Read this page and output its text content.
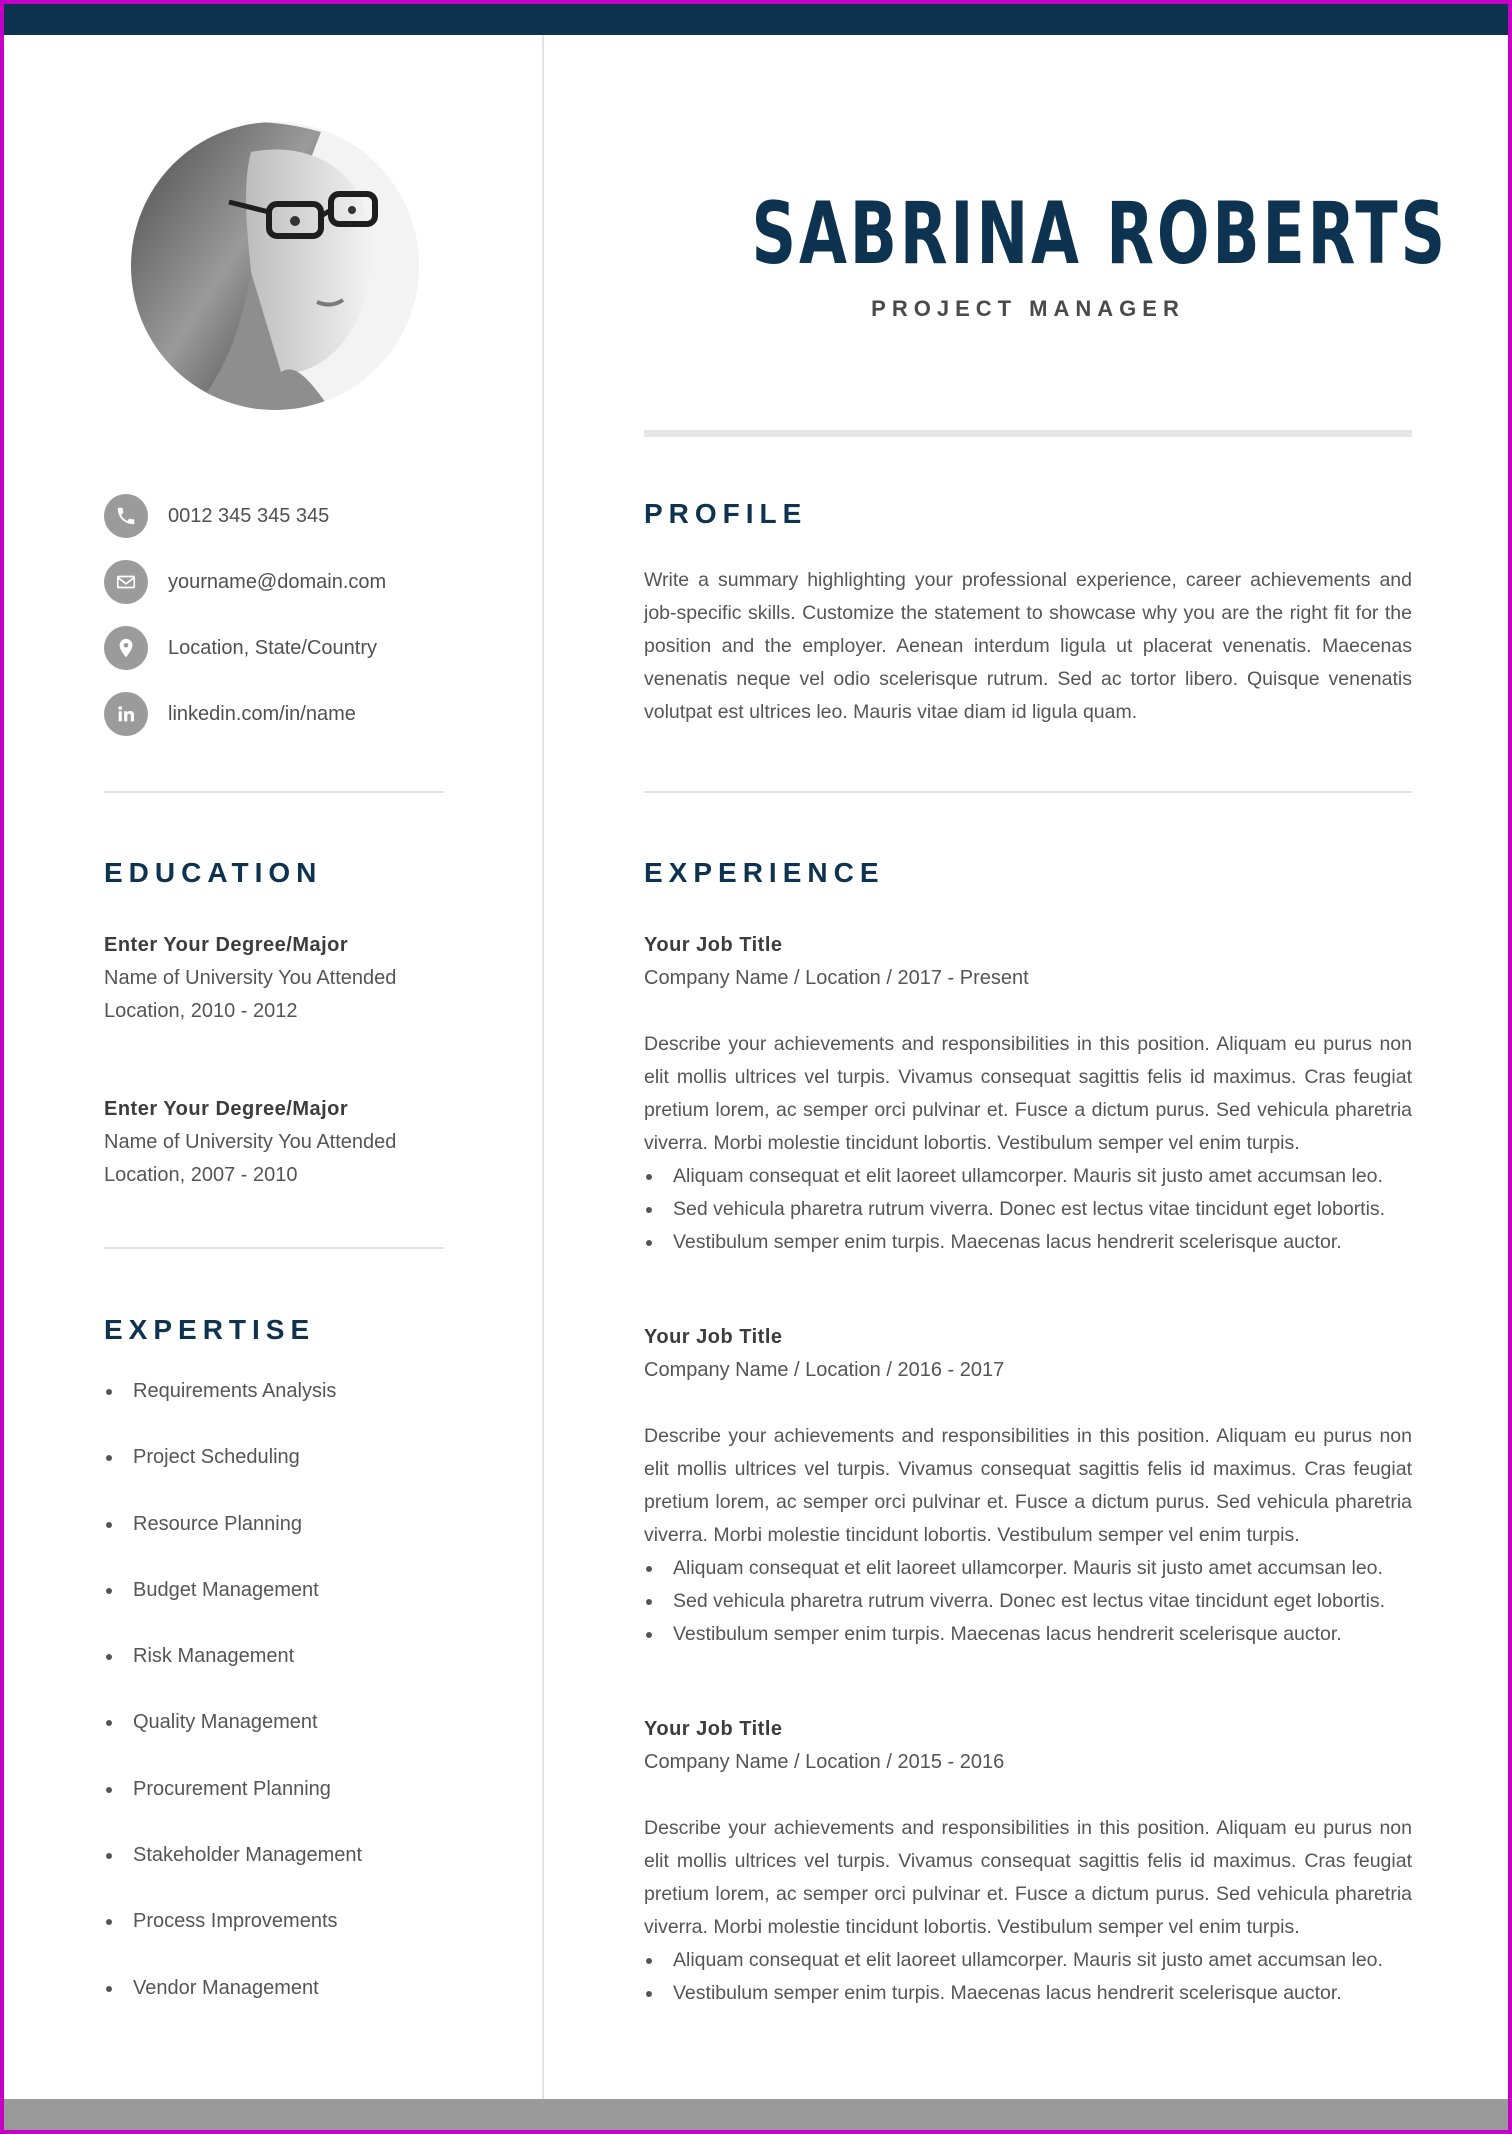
0012 345 345 345
yourname@domain.com
Location, State/Country
linkedin.com/in/name
EDUCATION
Enter Your Degree/Major
Name of University You Attended
Location, 2010 - 2012
Enter Your Degree/Major
Name of University You Attended
Location, 2007 - 2010
EXPERTISE
Requirements Analysis
Project Scheduling
Resource Planning
Budget Management
Risk Management
Quality Management
Procurement Planning
Stakeholder Management
Process Improvements
Vendor Management
SABRINA ROBERTS
PROJECT MANAGER
PROFILE

Write a summary highlighting your professional experience, career achievements and job-specific skills. Customize the statement to showcase why you are the right fit for the position and the employer. Aenean interdum ligula ut placerat venenatis. Maecenas venenatis neque vel odio scelerisque rutrum. Sed ac tortor libero. Quisque venenatis volutpat est ultrices leo. Mauris vitae diam id ligula quam.

EXPERIENCE
Your Job Title
Company Name / Location / 2017 - Present

Describe your achievements and responsibilities in this position. Aliquam eu purus non elit mollis ultrices vel turpis. Vivamus consequat sagittis felis id maximus. Cras feugiat pretium lorem, ac semper orci pulvinar et. Fusce a dictum purus. Sed vehicula pharetria viverra. Morbi molestie tincidunt lobortis. Vestibulum semper vel enim turpis.

Aliquam consequat et elit laoreet ullamcorper. Mauris sit justo amet accumsan leo.
Sed vehicula pharetra rutrum viverra. Donec est lectus vitae tincidunt eget lobortis.
Vestibulum semper enim turpis. Maecenas lacus hendrerit scelerisque auctor.
Your Job Title
Company Name / Location / 2016 - 2017

Describe your achievements and responsibilities in this position. Aliquam eu purus non elit mollis ultrices vel turpis. Vivamus consequat sagittis felis id maximus. Cras feugiat pretium lorem, ac semper orci pulvinar et. Fusce a dictum purus. Sed vehicula pharetria viverra. Morbi molestie tincidunt lobortis. Vestibulum semper vel enim turpis.

Aliquam consequat et elit laoreet ullamcorper. Mauris sit justo amet accumsan leo.
Sed vehicula pharetra rutrum viverra. Donec est lectus vitae tincidunt eget lobortis.
Vestibulum semper enim turpis. Maecenas lacus hendrerit scelerisque auctor.
Your Job Title
Company Name / Location / 2015 - 2016

Describe your achievements and responsibilities in this position. Aliquam eu purus non elit mollis ultrices vel turpis. Vivamus consequat sagittis felis id maximus. Cras feugiat pretium lorem, ac semper orci pulvinar et. Fusce a dictum purus. Sed vehicula pharetria viverra. Morbi molestie tincidunt lobortis. Vestibulum semper vel enim turpis.

Aliquam consequat et elit laoreet ullamcorper. Mauris sit justo amet accumsan leo.
Vestibulum semper enim turpis. Maecenas lacus hendrerit scelerisque auctor.
